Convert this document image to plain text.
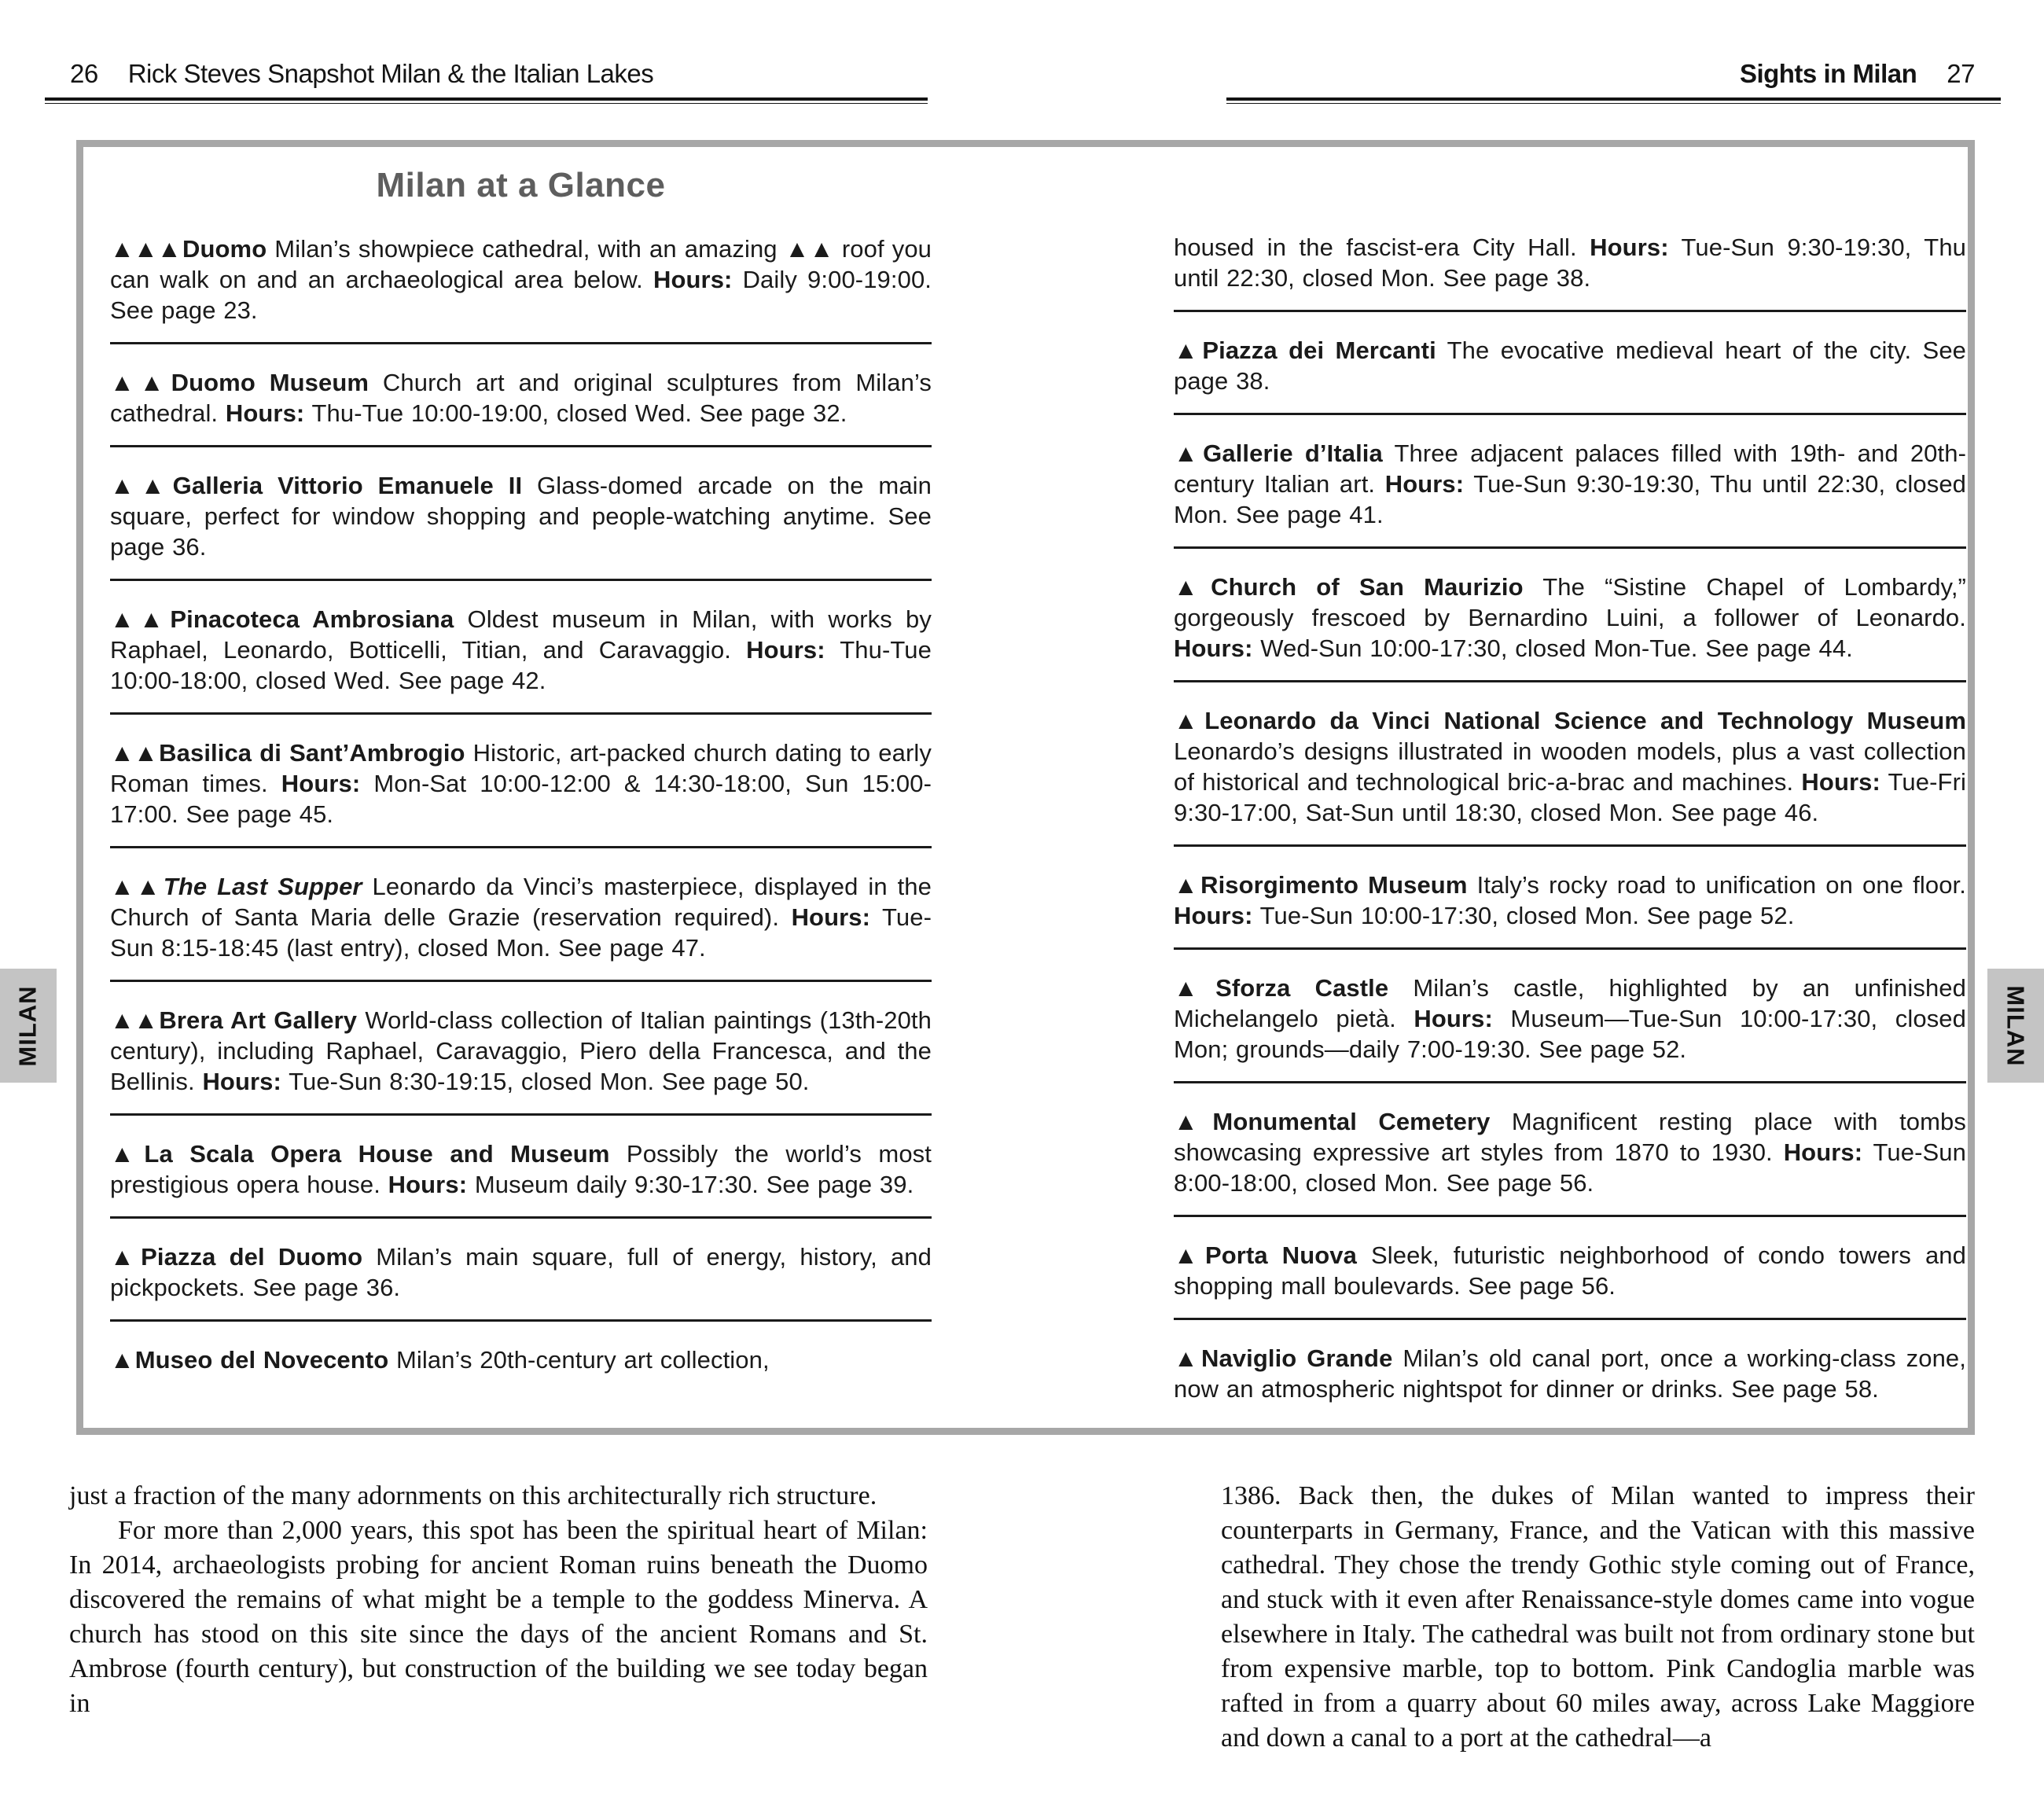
26 Rick Steves Snapshot Milan & the Italian Lakes	Sights in Milan 27
Milan at a Glance

▲▲▲Duomo Milan’s showpiece cathedral, with an amazing ▲▲ roof you can walk on and an archaeological area below. Hours: Daily 9:00-19:00. See page 23.

▲▲Duomo Museum Church art and original sculptures from Milan’s cathedral. Hours: Thu-Tue 10:00-19:00, closed Wed. See page 32.

▲▲Galleria Vittorio Emanuele II Glass-domed arcade on the main square, perfect for window shopping and people-watching anytime. See page 36.

▲▲Pinacoteca Ambrosiana Oldest museum in Milan, with works by Raphael, Leonardo, Botticelli, Titian, and Caravaggio. Hours: Thu-Tue 10:00-18:00, closed Wed. See page 42.

▲▲Basilica di Sant’Ambrogio Historic, art-packed church dating to early Roman times. Hours: Mon-Sat 10:00-12:00 & 14:30-18:00, Sun 15:00-17:00. See page 45.

▲▲The Last Supper Leonardo da Vinci’s masterpiece, displayed in the Church of Santa Maria delle Grazie (reservation required). Hours: Tue-Sun 8:15-18:45 (last entry), closed Mon. See page 47.

▲▲Brera Art Gallery World-class collection of Italian paintings (13th-20th century), including Raphael, Caravaggio, Piero della Francesca, and the Bellinis. Hours: Tue-Sun 8:30-19:15, closed Mon. See page 50.

▲La Scala Opera House and Museum Possibly the world’s most prestigious opera house. Hours: Museum daily 9:30-17:30. See page 39.

▲Piazza del Duomo Milan’s main square, full of energy, history, and pickpockets. See page 36.

▲Museo del Novecento Milan’s 20th-century art collection,

housed in the fascist-era City Hall. Hours: Tue-Sun 9:30-19:30, Thu until 22:30, closed Mon. See page 38.

▲Piazza dei Mercanti The evocative medieval heart of the city. See page 38.

▲Gallerie d’Italia Three adjacent palaces filled with 19th- and 20th-century Italian art. Hours: Tue-Sun 9:30-19:30, Thu until 22:30, closed Mon. See page 41.

▲Church of San Maurizio The “Sistine Chapel of Lombardy,” gorgeously frescoed by Bernardino Luini, a follower of Leonardo. Hours: Wed-Sun 10:00-17:30, closed Mon-Tue. See page 44.

▲Leonardo da Vinci National Science and Technology Museum Leonardo’s designs illustrated in wooden models, plus a vast collection of historical and technological bric-a-brac and machines. Hours: Tue-Fri 9:30-17:00, Sat-Sun until 18:30, closed Mon. See page 46.

▲Risorgimento Museum Italy’s rocky road to unification on one floor. Hours: Tue-Sun 10:00-17:30, closed Mon. See page 52.

▲Sforza Castle Milan’s castle, highlighted by an unfinished Michelangelo pietà. Hours: Museum—Tue-Sun 10:00-17:30, closed Mon; grounds—daily 7:00-19:30. See page 52.

▲Monumental Cemetery Magnificent resting place with tombs showcasing expressive art styles from 1870 to 1930. Hours: Tue-Sun 8:00-18:00, closed Mon. See page 56.

▲Porta Nuova Sleek, futuristic neighborhood of condo towers and shopping mall boulevards. See page 56.

▲Naviglio Grande Milan’s old canal port, once a working-class zone, now an atmospheric nightspot for dinner or drinks. See page 58.

just a fraction of the many adornments on this architecturally rich structure.

For more than 2,000 years, this spot has been the spiritual heart of Milan: In 2014, archaeologists probing for ancient Roman ruins beneath the Duomo discovered the remains of what might be a temple to the goddess Minerva. A church has stood on this site since the days of the ancient Romans and St. Ambrose (fourth century), but construction of the building we see today began in

1386. Back then, the dukes of Milan wanted to impress their counterparts in Germany, France, and the Vatican with this massive cathedral. They chose the trendy Gothic style coming out of France, and stuck with it even after Renaissance-style domes came into vogue elsewhere in Italy. The cathedral was built not from ordinary stone but from expensive marble, top to bottom. Pink Candoglia marble was rafted in from a quarry about 60 miles away, across Lake Maggiore and down a canal to a port at the cathedral—a

MILAN	MILAN
